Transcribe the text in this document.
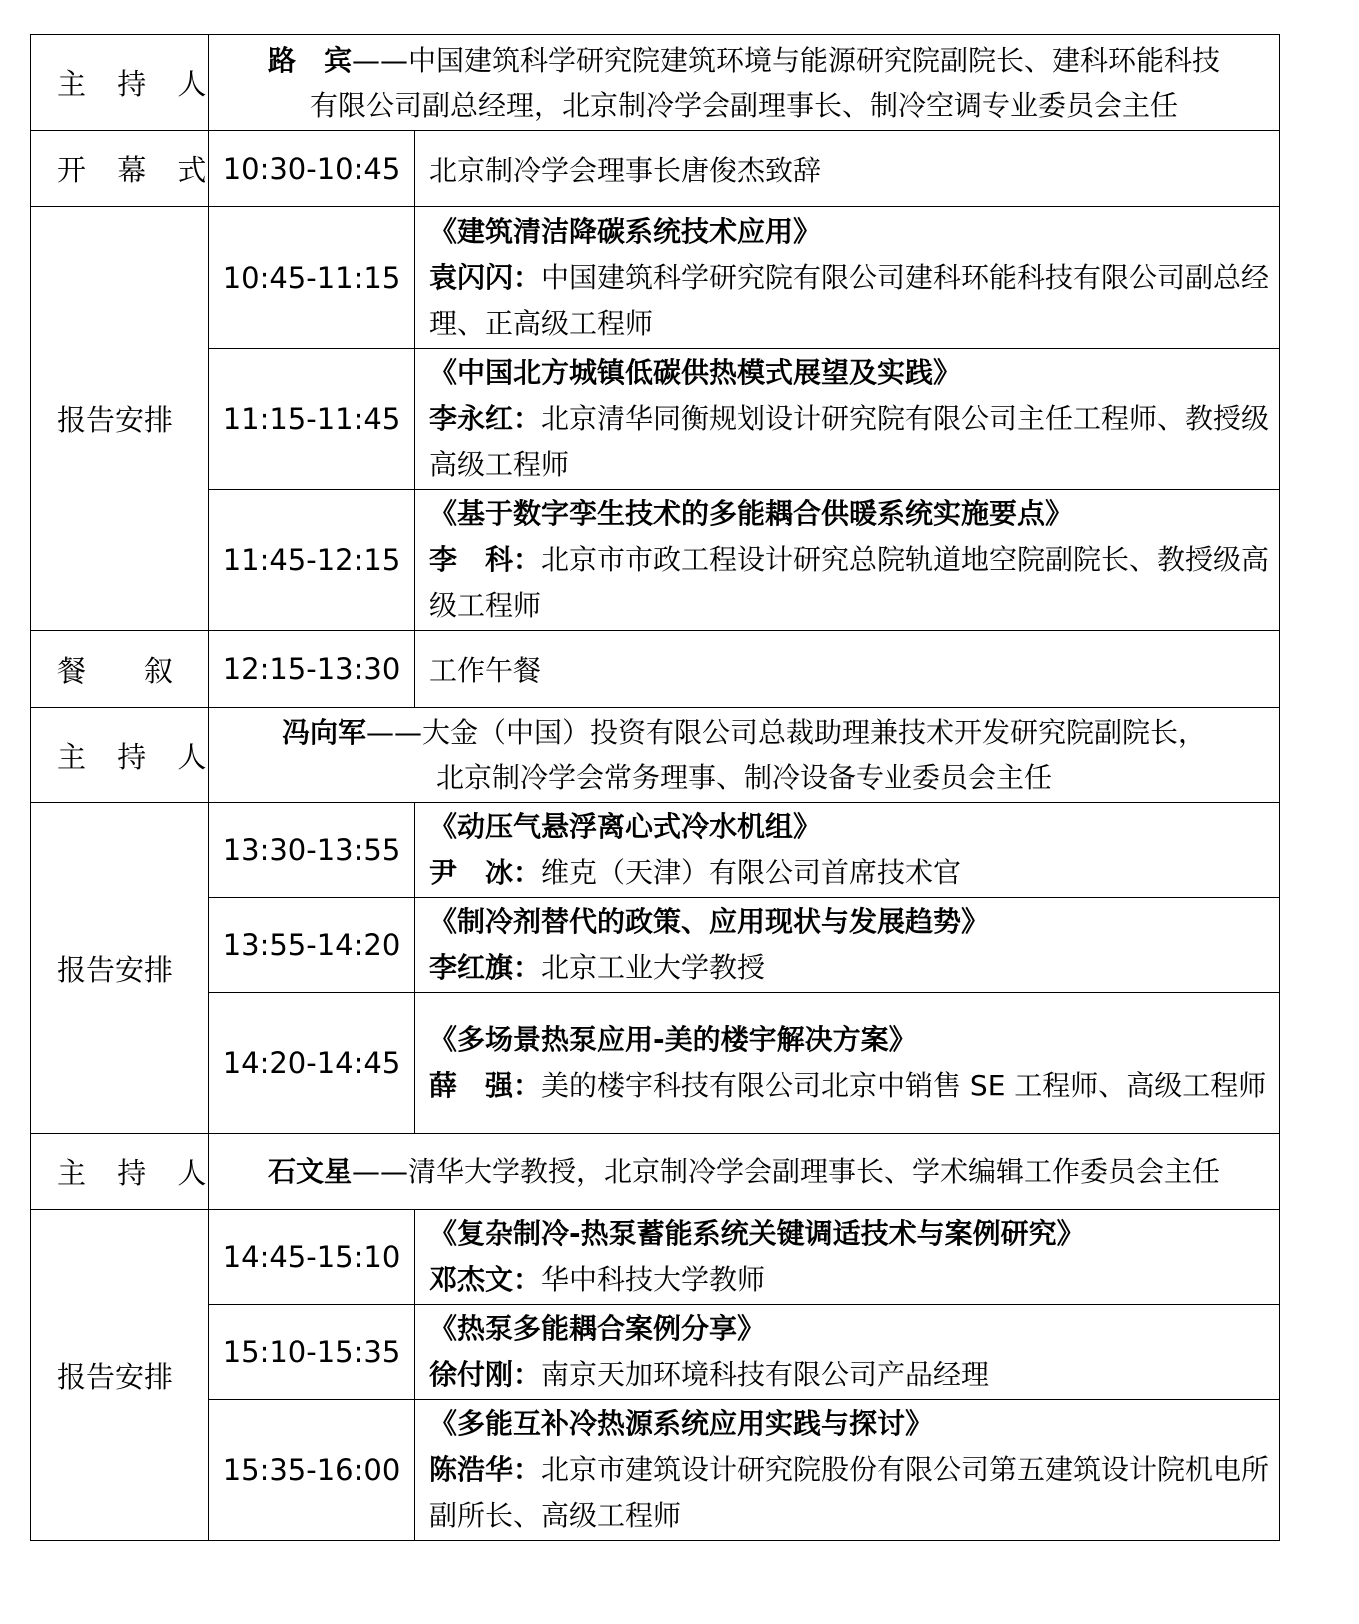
主 持 人	路　宾——中国建筑科学研究院建筑环境与能源研究院副院长、建科环能科技
有限公司副总经理，北京制冷学会副理事长、制冷空调专业委员会主任	
开 幕 式	10:30-10:45	北京制冷学会理事长唐俊杰致辞
报告安排	10:45-11:15	《建筑清洁降碳系统技术应用》
袁闪闪：中国建筑科学研究院有限公司建科环能科技有限公司副总经理、正高级工程师
	11:15-11:45	《中国北方城镇低碳供热模式展望及实践》
李永红：北京清华同衡规划设计研究院有限公司主任工程师、教授级高级工程师
	11:45-12:15	《基于数字孪生技术的多能耦合供暖系统实施要点》
李　科：北京市市政工程设计研究总院轨道地空院副院长、教授级高级工程师
餐　　叙	12:15-13:30	工作午餐
主 持 人	冯向军——大金（中国）投资有限公司总裁助理兼技术开发研究院副院长，
北京制冷学会常务理事、制冷设备专业委员会主任	
报告安排	13:30-13:55	《动压气悬浮离心式冷水机组》
尹　冰：维克（天津）有限公司首席技术官
	13:55-14:20	《制冷剂替代的政策、应用现状与发展趋势》
李红旗：北京工业大学教授
	14:20-14:45	《多场景热泵应用-美的楼宇解决方案》
薛　强：美的楼宇科技有限公司北京中销售 SE 工程师、高级工程师
主 持 人	石文星——清华大学教授，北京制冷学会副理事长、学术编辑工作委员会主任	
报告安排	14:45-15:10	《复杂制冷-热泵蓄能系统关键调适技术与案例研究》
邓杰文：华中科技大学教师
	15:10-15:35	《热泵多能耦合案例分享》
徐付刚：南京天加环境科技有限公司产品经理
	15:35-16:00	《多能互补冷热源系统应用实践与探讨》
陈浩华：北京市建筑设计研究院股份有限公司第五建筑设计院机电所副所长、高级工程师
